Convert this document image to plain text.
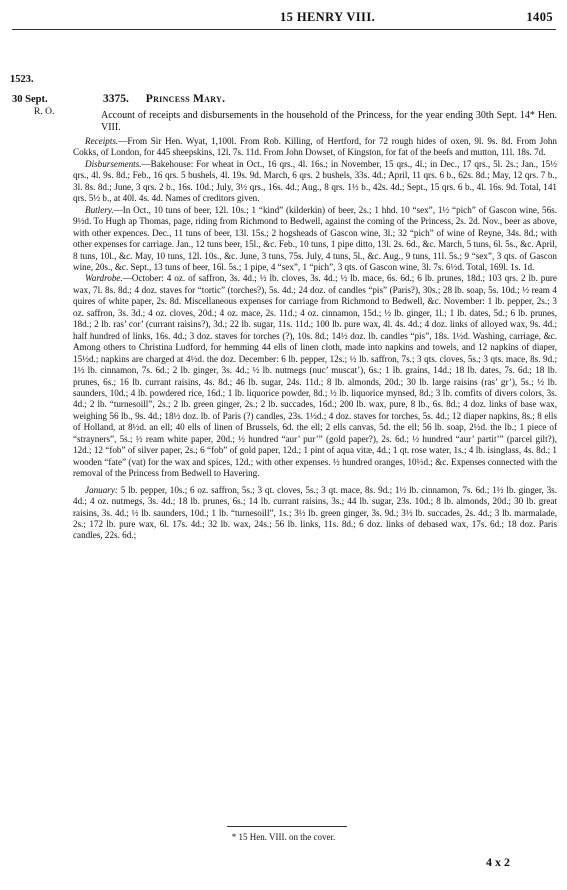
15 HENRY VIII.	1405
1523.
30 Sept.
R. O.
3375. Princess Mary.

Account of receipts and disbursements in the household of the Princess, for the year ending 30th Sept. 14* Hen. VIII.

Receipts.—From Sir Hen. Wyat, 1,100l. From Rob. Killing, of Hertford, for 72 rough hides of oxen, 9l. 9s. 8d. From John Cokks, of London, for 445 sheepskins, 12l. 7s. 11d. From John Dowset, of Kingston, for fat of the beefs and mutton, 11l. 18s. 7d.

Disbursements.—Bakehouse: For wheat in Oct., 16 qrs., 4l. 16s.; in November, 15 qrs., 4l.; in Dec., 17 qrs., 5l. 2s.; Jan., 15½ qrs., 4l. 9s. 8d.; Feb., 16 qrs. 5 bushels, 4l. 19s. 9d. March, 6 qrs. 2 bushels, 33s. 4d.; April, 11 qrs. 6 b., 62s. 8d.; May, 12 qrs. 7 b., 3l. 8s. 8d.; June, 3 qrs. 2 b., 16s. 10d.; July, 3½ qrs., 16s. 4d.; Aug., 8 qrs. 1½ b., 42s. 4d.; Sept., 15 qrs. 6 b., 4l. 16s. 9d. Total, 141 qrs. 5½ b., at 40l. 4s. 4d. Names of creditors given.

Butlery.—In Oct., 10 tuns of beer, 12l. 10s.; 1 “kind” (kilderkin) of beer, 2s.; 1 hhd. 10 “sex”, 1½ “pich” of Gascon wine, 56s. 9½d. To Hugh ap Thomas, page, riding from Richmond to Bedwell, against the coming of the Princess, 2s. 2d. Nov., beer as above, with other expences. Dec., 11 tuns of beer, 13l. 15s.; 2 hogsheads of Gascon wine, 3l.; 32 “pich” of wine of Reyne, 34s. 8d.; with other expenses for carriage. Jan., 12 tuns beer, 15l., &c. Feb., 10 tuns, 1 pipe ditto, 13l. 2s. 6d., &c. March, 5 tuns, 6l. 5s., &c. April, 8 tuns, 10l., &c. May, 10 tuns, 12l. 10s., &c. June, 3 tuns, 75s. July, 4 tuns, 5l., &c. Aug., 9 tuns, 11l. 5s.; 9 “sex”, 3 qts. of Gascon wine, 20s., &c. Sept., 13 tuns of beer, 16l. 5s.; 1 pipe, 4 “sex”, 1 “pich”, 3 qts. of Gascon wine, 3l. 7s. 6½d. Total, 169l. 1s. 1d.

Wardrobe.—October: 4 oz. of saffron, 3s. 4d.; ½ lb. cloves, 3s. 4d.; ½ lb. mace, 6s. 6d.; 6 lb. prunes, 18d.; 103 qrs. 2 lb. pure wax, 7l. 8s. 8d.; 4 doz. staves for “tortic” (torches?), 5s. 4d.; 24 doz. of candles “pis” (Paris?), 30s.; 28 lb. soap, 5s. 10d.; ½ ream 4 quires of white paper, 2s. 8d. Miscellaneous expenses for carriage from Richmond to Bedwell, &c. November: 1 lb. pepper, 2s.; 3 oz. saffron, 3s. 3d.; 4 oz. cloves, 20d.; 4 oz. mace, 2s. 11d.; 4 oz. cinnamon, 15d.; ½ lb. ginger, 1l.; 1 lb. dates, 5d.; 6 lb. prunes, 18d.; 2 lb. ras’ cor’ (currant raisins?), 3d.; 22 lb. sugar, 11s. 11d.; 100 lb. pure wax, 4l. 4s. 4d.; 4 doz. links of alloyed wax, 9s. 4d.; half hundred of links, 16s. 4d.; 3 doz. staves for torches (?), 10s. 8d.; 14½ doz. lb. candles “pis”, 18s. 1½d. Washing, carriage, &c. Among others to Christina Ludford, for hemming 44 ells of linen cloth, made into napkins and towels, and 12 napkins of diaper, 15½d.; napkins are charged at 4½d. the doz. December: 6 lb. pepper, 12s.; ½ lb. saffron, 7s.; 3 qts. cloves, 5s.; 3 qts. mace, 8s. 9d.; 1½ lb. cinnamon, 7s. 6d.; 2 lb. ginger, 3s. 4d.; ½ lb. nutmegs (nuc’ muscat’), 6s.; 1 lb. grains, 14d.; 18 lb. dates, 7s. 6d.; 18 lb. prunes, 6s.; 16 lb. currant raisins, 4s. 8d.; 46 lb. sugar, 24s. 11d.; 8 lb. almonds, 20d.; 30 lb. large raisins (ras’ gr’), 5s.; ½ lb. saunders, 10d.; 4 lb. powdered rice, 16d.; 1 lb. liquorice powder, 8d.; ½ lb. liquorice mynsed, 8d.; 3 lb. comfits of divers colors, 3s. 4d.; 2 lb. “turnesoill”, 2s.; 2 lb. green ginger, 2s.; 2 lb. succades, 16d.; 200 lb. wax, pure, 8 lb., 6s. 8d.; 4 doz. links of base wax, weighing 56 lb., 9s. 4d.; 18½ doz. lb. of Paris (?) candles, 23s. 1½d.; 4 doz. staves for torches, 5s. 4d.; 12 diaper napkins, 8s.; 8 ells of Holland, at 8½d. an ell; 40 ells of linen of Brussels, 6d. the ell; 2 ells canvas, 5d. the ell; 56 lb. soap, 2½d. the lb.; 1 piece of “strayners”, 5s.; ½ ream white paper, 20d.; ½ hundred “aur’ pur’” (gold paper?), 2s. 6d.; ½ hundred “aur’ partit’” (parcel gilt?), 12d.; 12 “fob” of silver paper, 2s.; 6 “fob” of gold paper, 12d.; 1 pint of aqua vitæ, 4d.; 1 qt. rose water, 1s.; 4 lb. isinglass, 4s. 8d.; 1 wooden “fate” (vat) for the wax and spices, 12d.; with other expenses. ½ hundred oranges, 10½d.; &c. Expenses connected with the removal of the Princess from Bedwell to Havering.

January: 5 lb. pepper, 10s.; 6 oz. saffron, 5s.; 3 qt. cloves, 5s.; 3 qt. mace, 8s. 9d.; 1½ lb. cinnamon, 7s. 6d.; 1½ lb. ginger, 3s. 4d.; 4 oz. nutmegs, 3s. 4d.; 18 lb. prunes, 6s.; 14 lb. currant raisins, 3s.; 44 lb. sugar, 23s. 10d.; 8 lb. almonds, 20d.; 30 lb. great raisins, 3s. 4d.; ½ lb. saunders, 10d.; 1 lb. “turnesoill”, 1s.; 3½ lb. green ginger, 3s. 9d.; 3½ lb. succades, 2s. 4d.; 3 lb. marmalade, 2s.; 172 lb. pure wax, 6l. 17s. 4d.; 32 lb. wax, 24s.; 56 lb. links, 11s. 8d.; 6 doz. links of debased wax, 17s. 6d.; 18 doz. Paris candles, 22s. 6d.;

* 15 Hen. VIII. on the cover.
4 x 2
